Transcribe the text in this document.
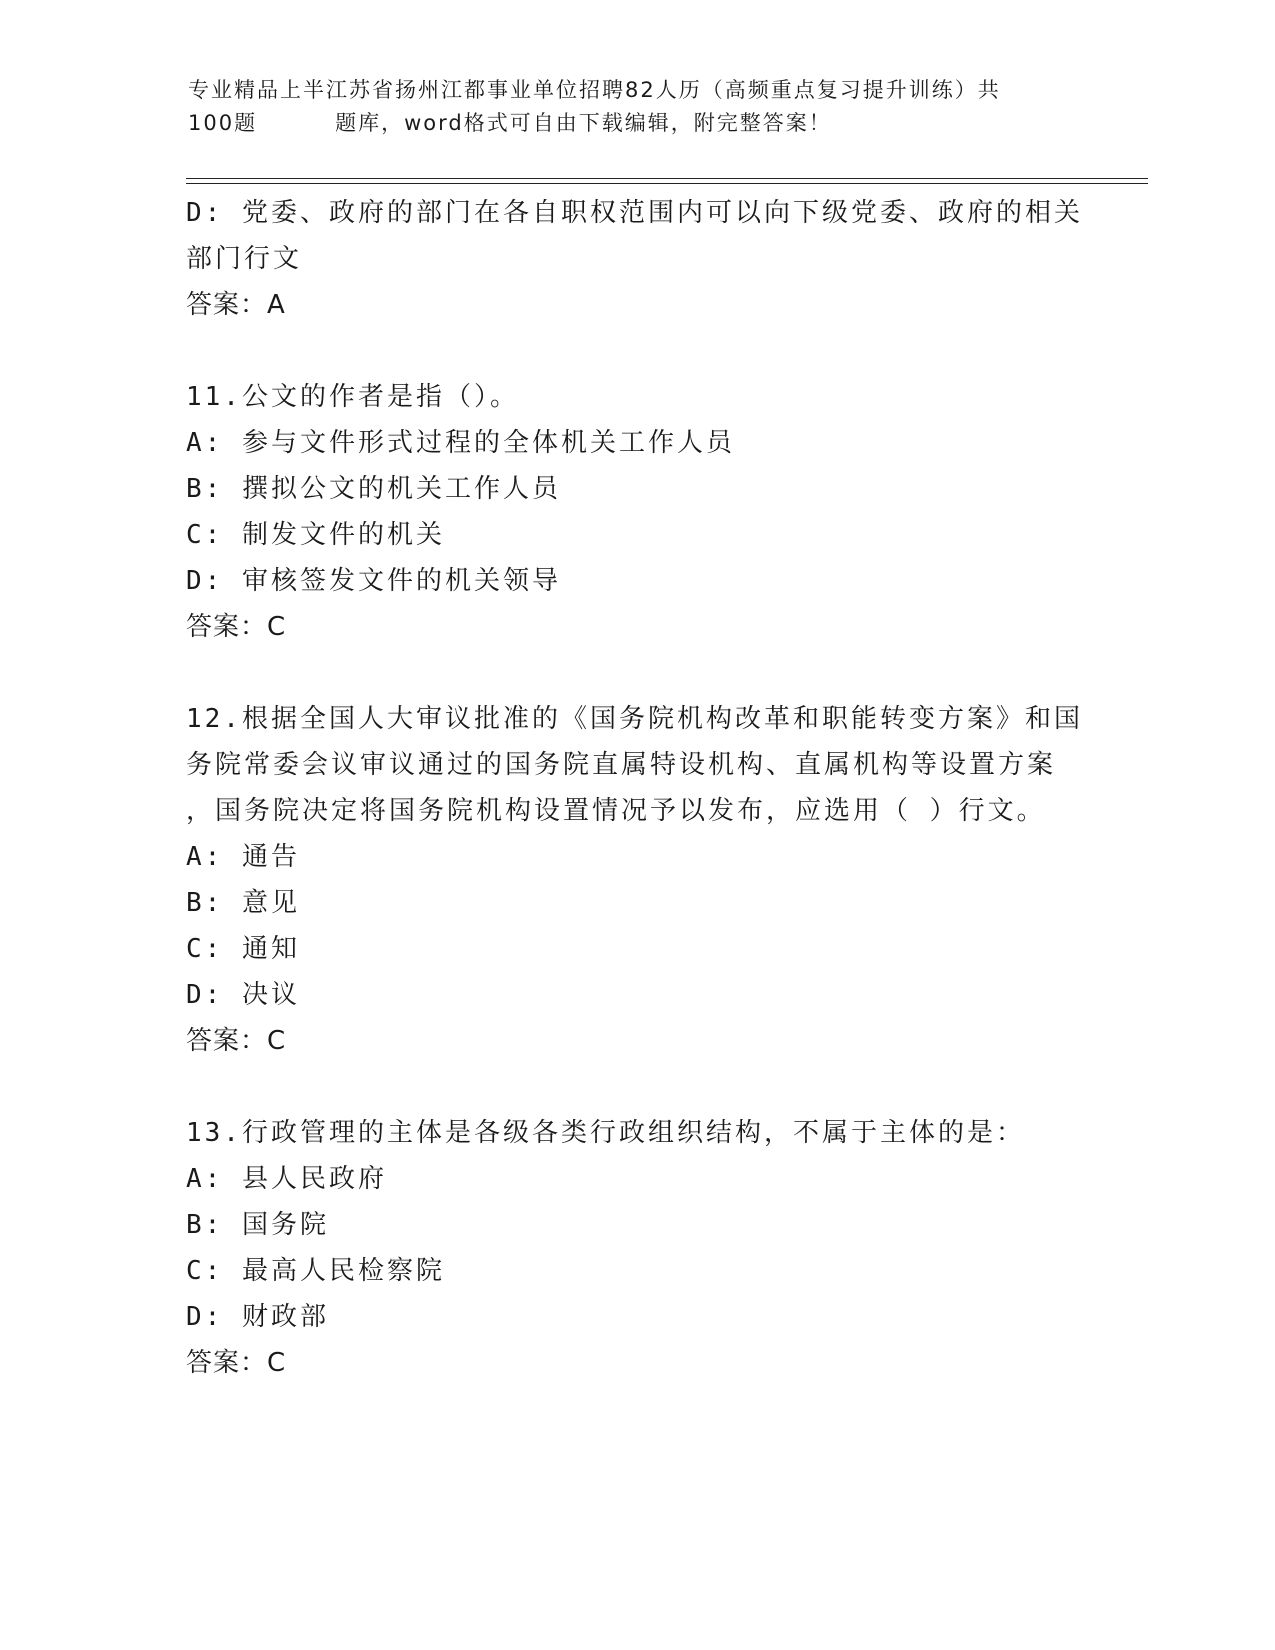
专业精品上半江苏省扬州江都事业单位招聘82人历（高频重点复习提升训练）共
100题	题库，word格式可自由下载编辑，附完整答案！
D: 党委、政府的部门在各自职权范围内可以向下级党委、政府的相关
部门行文
答案：A
11.公文的作者是指（）。
A: 参与文件形式过程的全体机关工作人员
B: 撰拟公文的机关工作人员
C: 制发文件的机关
D: 审核签发文件的机关领导
答案：C
12.根据全国人大审议批准的《国务院机构改革和职能转变方案》和国
务院常委会议审议通过的国务院直属特设机构、直属机构等设置方案
，国务院决定将国务院机构设置情况予以发布，应选用（ ）行文。
A: 通告
B: 意见
C: 通知
D: 决议
答案：C
13.行政管理的主体是各级各类行政组织结构，不属于主体的是：
A: 县人民政府
B: 国务院
C: 最高人民检察院
D: 财政部
答案：C
